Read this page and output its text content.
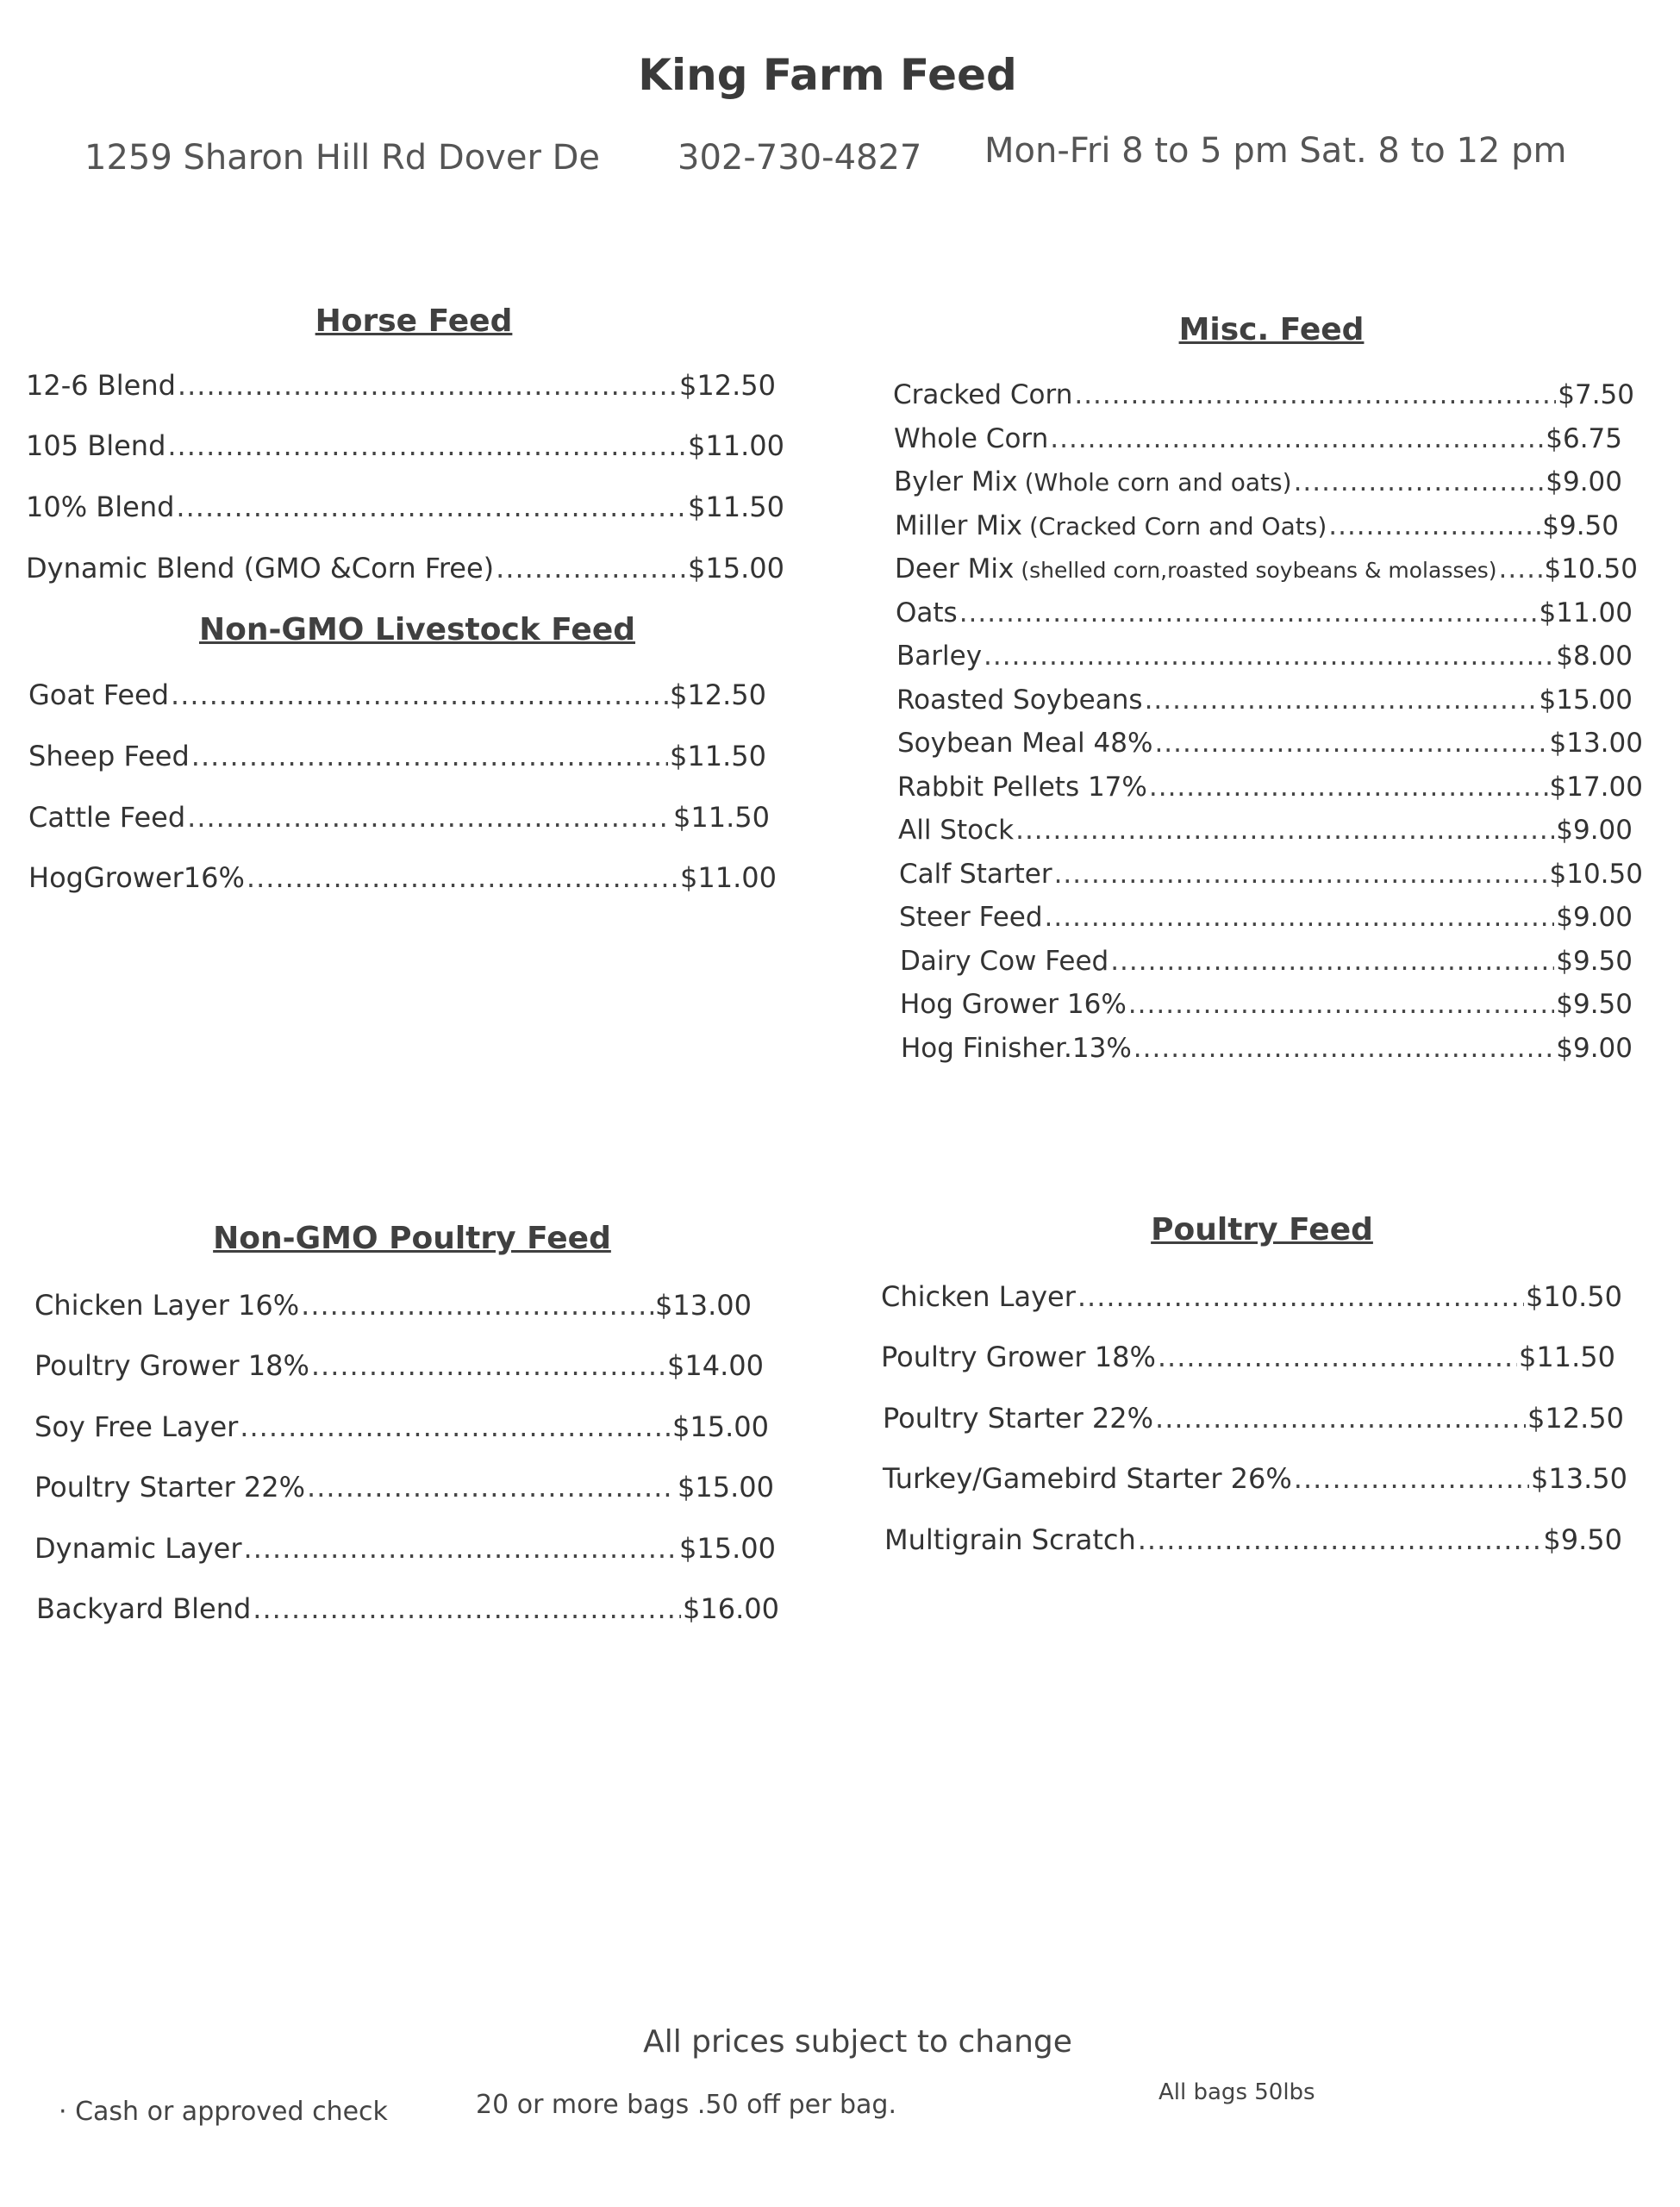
King Farm Feed
1259 Sharon Hill Rd Dover De 302-730-4827 Mon-Fri 8 to 5 pm Sat. 8 to 12 pm
Horse Feed
12-6 Blend .....	$12.50
105 Blend .....	$11.00
10% Blend .....	$11.50
Dynamic Blend (GMO &Corn Free) .....	$15.00
Non-GMO Livestock Feed
Goat Feed .....	$12.50
Sheep Feed .....	$11.50
Cattle Feed .....	$11.50
HogGrower16% .....	$11.00
Misc. Feed
Cracked Corn .....	$7.50
Whole Corn .....	$6.75
Byler Mix (Whole corn and oats) .....	$9.00
Miller Mix (Cracked Corn and Oats) .....	$9.50
Deer Mix (shelled corn,roasted soybeans & molasses) ..... $10.50
Oats .....	$11.00
Barley .....	$8.00
Roasted Soybeans .....	$15.00
Soybean Meal 48% .....	$13.00
Rabbit Pellets 17% .....	$17.00
All Stock .....	$9.00
Calf Starter .....	$10.50
Steer Feed .....	$9.00
Dairy Cow Feed .....	$9.50
Hog Grower 16% .....	$9.50
Hog Finisher.13% .....	$9.00
Non-GMO Poultry Feed
Chicken Layer 16% .....	$13.00
Poultry Grower 18% .....	$14.00
Soy Free Layer .....	$15.00
Poultry Starter 22% .....	$15.00
Dynamic Layer .....	$15.00
Backyard Blend .....	$16.00
Poultry Feed
Chicken Layer .....	$10.50
Poultry Grower 18% .....	$11.50
Poultry Starter 22% .....	$12.50
Turkey/Gamebird Starter 26% .....	$13.50
Multigrain Scratch .....	$9.50
All prices subject to change
· Cash or approved check	20 or more bags .50 off per bag.	All bags 50lbs
